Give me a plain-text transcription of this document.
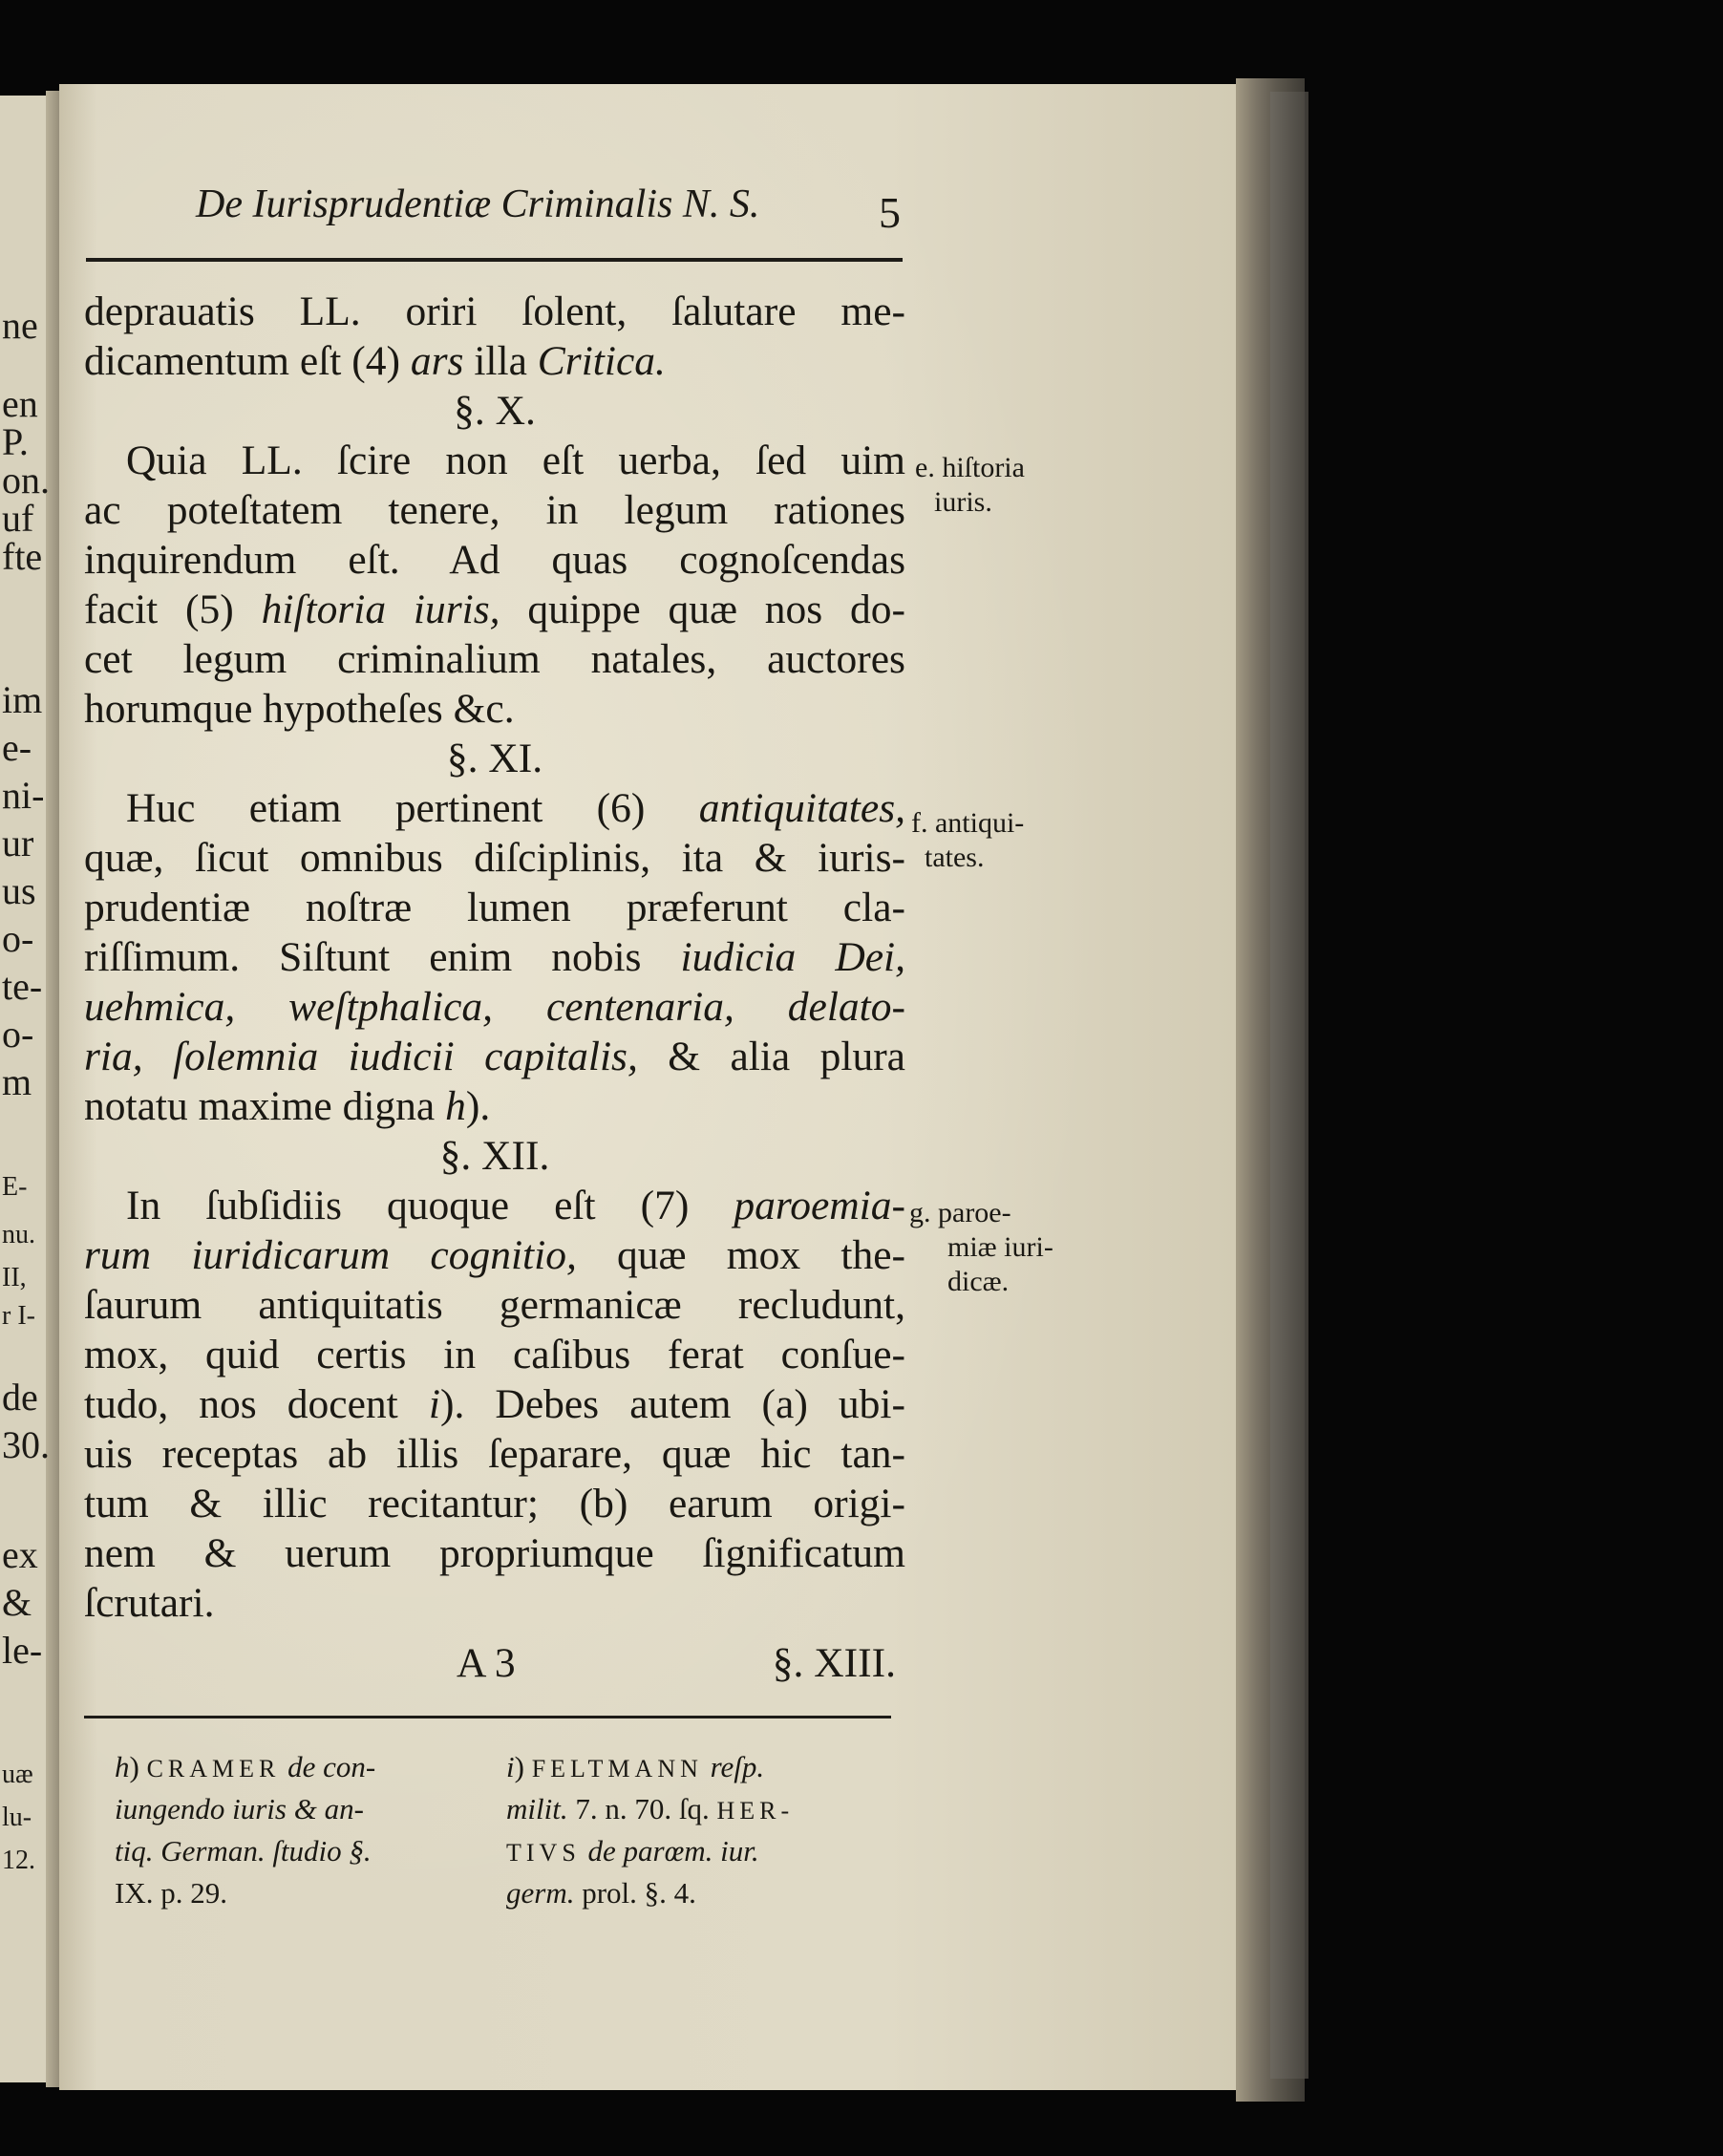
ne
en
P.
on.
uf
fte
im
e-
ni-
ur
us
o-
te-
o-
m
E-
nu.
II,
r I-
de
30.
ex
&
le-
uæ
lu-
12.
De Iurisprudentiæ Criminalis N. S.	5
deprauatis LL. oriri ſolent, ſalutare me-
dicamentum eſt (4) ars illa Critica.
§. X.
Quia LL. ſcire non eſt uerba, ſed uim
ac poteſtatem tenere, in legum rationes
inquirendum eſt. Ad quas cognoſcendas
facit (5) hiſtoria iuris, quippe quæ nos do-
cet legum criminalium natales, auctores
horumque hypotheſes &c.
§. XI.
Huc etiam pertinent (6) antiquitates,
quæ, ſicut omnibus diſciplinis, ita & iuris-
prudentiæ noſtræ lumen præferunt cla-
riſſimum. Siſtunt enim nobis iudicia Dei,
uehmica, weſtphalica, centenaria, delato-
ria, ſolemnia iudicii capitalis, & alia plura
notatu maxime digna h).
§. XII.
In ſubſidiis quoque eſt (7) paroemia-
rum iuridicarum cognitio, quæ mox the-
ſaurum antiquitatis germanicæ recludunt,
mox, quid certis in caſibus ferat conſue-
tudo, nos docent i). Debes autem (a) ubi-
uis receptas ab illis ſeparare, quæ hic tan-
tum & illic recitantur; (b) earum origi-
nem & uerum propriumque ſignificatum
ſcrutari.
e. hiſtoria
iuris.
f. antiqui-
tates.
g. paroe-
miæ iuri-
dicæ.
A 3	§. XIII.
h) CRAMER de con-
iungendo iuris & an-
tiq. German. ſtudio §.
IX. p. 29.
i) FELTMANN reſp.
milit. 7. n. 70. ſq. HER-
TIVS de parœm. iur.
germ. prol. §. 4.
